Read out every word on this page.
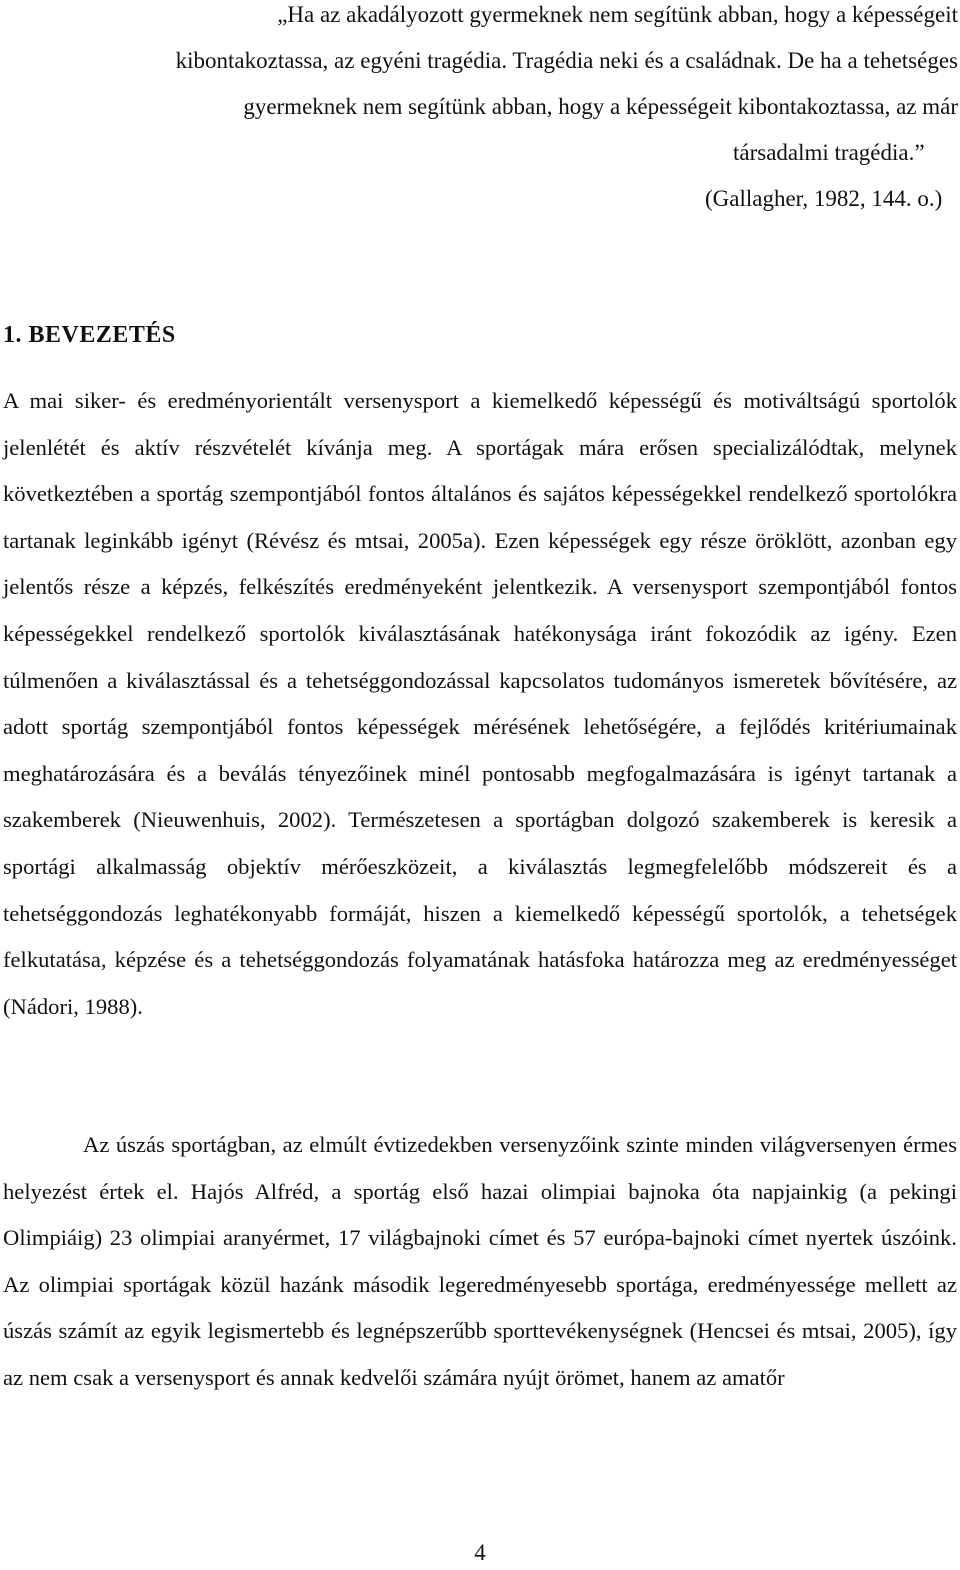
„Ha az akadályozott gyermeknek nem segítünk abban, hogy a képességeit
kibontakoztassa, az egyéni tragédia. Tragédia neki és a családnak. De ha a tehetséges
gyermeknek nem segítünk abban, hogy a képességeit kibontakoztassa, az már
társadalmi tragédia.”
(Gallagher, 1982, 144. o.)
1. BEVEZETÉS

A mai siker- és eredményorientált versenysport a kiemelkedő képességű és motiváltságú sportolók jelenlétét és aktív részvételét kívánja meg. A sportágak mára erősen specializálódtak, melynek következtében a sportág szempontjából fontos általános és sajátos képességekkel rendelkező sportolókra tartanak leginkább igényt (Révész és mtsai, 2005a). Ezen képességek egy része öröklött, azonban egy jelentős része a képzés, felkészítés eredményeként jelentkezik. A versenysport szempontjából fontos képességekkel rendelkező sportolók kiválasztásának hatékonysága iránt fokozódik az igény. Ezen túlmenően a kiválasztással és a tehetséggondozással kapcsolatos tudományos ismeretek bővítésére, az adott sportág szempontjából fontos képességek mérésének lehetőségére, a fejlődés kritériumainak meghatározására és a beválás tényezőinek minél pontosabb megfogalmazására is igényt tartanak a szakemberek (Nieuwenhuis, 2002). Természetesen a sportágban dolgozó szakemberek is keresik a sportági alkalmasság objektív mérőeszközeit, a kiválasztás legmegfelelőbb módszereit és a tehetséggondozás leghatékonyabb formáját, hiszen a kiemelkedő képességű sportolók, a tehetségek felkutatása, képzése és a tehetséggondozás folyamatának hatásfoka határozza meg az eredményességet (Nádori, 1988).

Az úszás sportágban, az elmúlt évtizedekben versenyzőink szinte minden világversenyen érmes helyezést értek el. Hajós Alfréd, a sportág első hazai olimpiai bajnoka óta napjainkig (a pekingi Olimpiáig) 23 olimpiai aranyérmet, 17 világbajnoki címet és 57 európa-bajnoki címet nyertek úszóink. Az olimpiai sportágak közül hazánk második legeredményesebb sportága, eredményessége mellett az úszás számít az egyik legismertebb és legnépszerűbb sporttevékenységnek (Hencsei és mtsai, 2005), így az nem csak a versenysport és annak kedvelői számára nyújt örömet, hanem az amatőr

4
